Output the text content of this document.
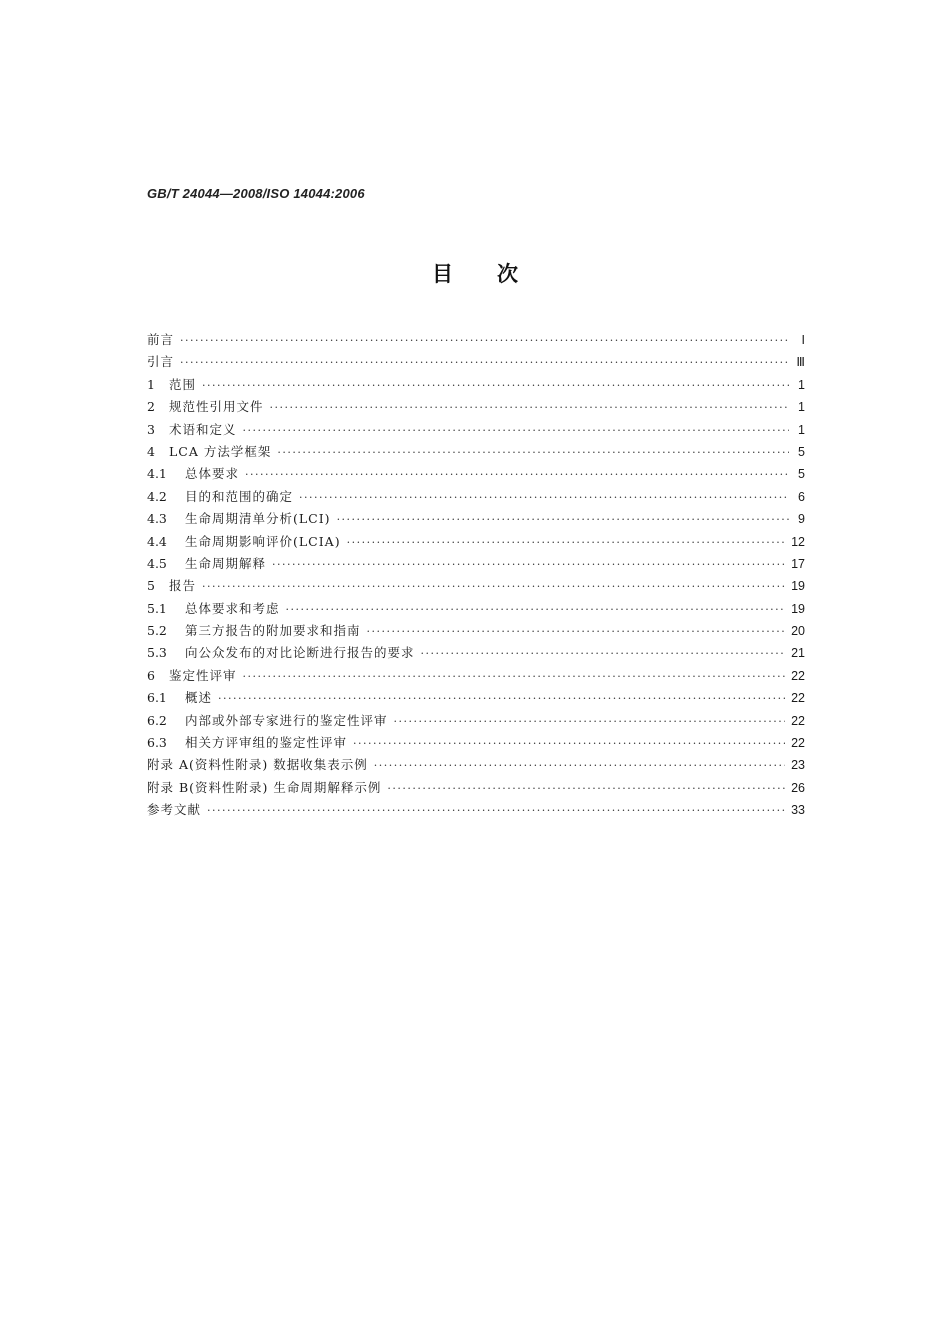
GB/T 24044—2008/ISO 14044:2006
目次
前言 ·····	I
引言 ·····	Ⅲ
1	范围 ·····	1
2	规范性引用文件 ·····	1
3	术语和定义 ·····	1
4	LCA 方法学框架 ·····	5
4.1	总体要求 ·····	5
4.2	目的和范围的确定 ·····	6
4.3	生命周期清单分析(LCI) ·····	9
4.4	生命周期影响评价(LCIA) ·····	12
4.5	生命周期解释 ·····	17
5	报告 ·····	19
5.1	总体要求和考虑 ·····	19
5.2	第三方报告的附加要求和指南 ·····	20
5.3	向公众发布的对比论断进行报告的要求 ·····	21
6	鉴定性评审 ·····	22
6.1	概述 ·····	22
6.2	内部或外部专家进行的鉴定性评审 ·····	22
6.3	相关方评审组的鉴定性评审 ·····	22
附录 A(资料性附录) 数据收集表示例 ·····	23
附录 B(资料性附录) 生命周期解释示例 ·····	26
参考文献 ·····	33
